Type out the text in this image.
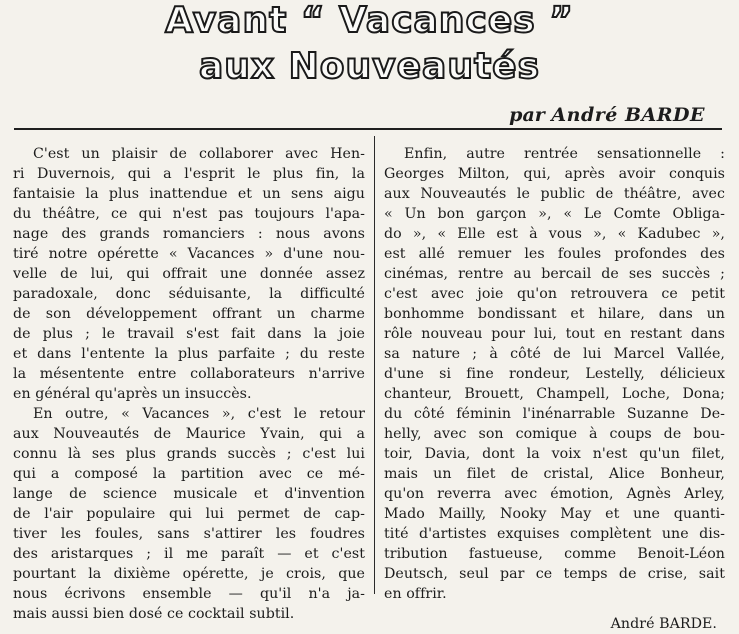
Avant “ Vacances ”
aux Nouveautés
par André BARDE
C'est un plaisir de collaborer avec Hen-
ri Duvernois, qui a l'esprit le plus fin, la
fantaisie la plus inattendue et un sens aigu
du théâtre, ce qui n'est pas toujours l'apa-
nage des grands romanciers : nous avons
tiré notre opérette « Vacances » d'une nou-
velle de lui, qui offrait une donnée assez
paradoxale, donc séduisante, la difficulté
de son développement offrant un charme
de plus ; le travail s'est fait dans la joie
et dans l'entente la plus parfaite ; du reste
la mésentente entre collaborateurs n'arrive
en général qu'après un insuccès.
En outre, « Vacances », c'est le retour
aux Nouveautés de Maurice Yvain, qui a
connu là ses plus grands succès ; c'est lui
qui a composé la partition avec ce mé-
lange de science musicale et d'invention
de l'air populaire qui lui permet de cap-
tiver les foules, sans s'attirer les foudres
des aristarques ; il me paraît — et c'est
pourtant la dixième opérette, je crois, que
nous écrivons ensemble — qu'il n'a ja-
mais aussi bien dosé ce cocktail subtil.
Enfin, autre rentrée sensationnelle :
Georges Milton, qui, après avoir conquis
aux Nouveautés le public de théâtre, avec
« Un bon garçon », « Le Comte Obliga-
do », « Elle est à vous », « Kadubec »,
est allé remuer les foules profondes des
cinémas, rentre au bercail de ses succès ;
c'est avec joie qu'on retrouvera ce petit
bonhomme bondissant et hilare, dans un
rôle nouveau pour lui, tout en restant dans
sa nature ; à côté de lui Marcel Vallée,
d'une si fine rondeur, Lestelly, délicieux
chanteur, Brouett, Champell, Loche, Dona;
du côté féminin l'inénarrable Suzanne De-
helly, avec son comique à coups de bou-
toir, Davia, dont la voix n'est qu'un filet,
mais un filet de cristal, Alice Bonheur,
qu'on reverra avec émotion, Agnès Arley,
Mado Mailly, Nooky May et une quanti-
tité d'artistes exquises complètent une dis-
tribution fastueuse, comme Benoit-Léon
Deutsch, seul par ce temps de crise, sait
en offrir.
André BARDE.
